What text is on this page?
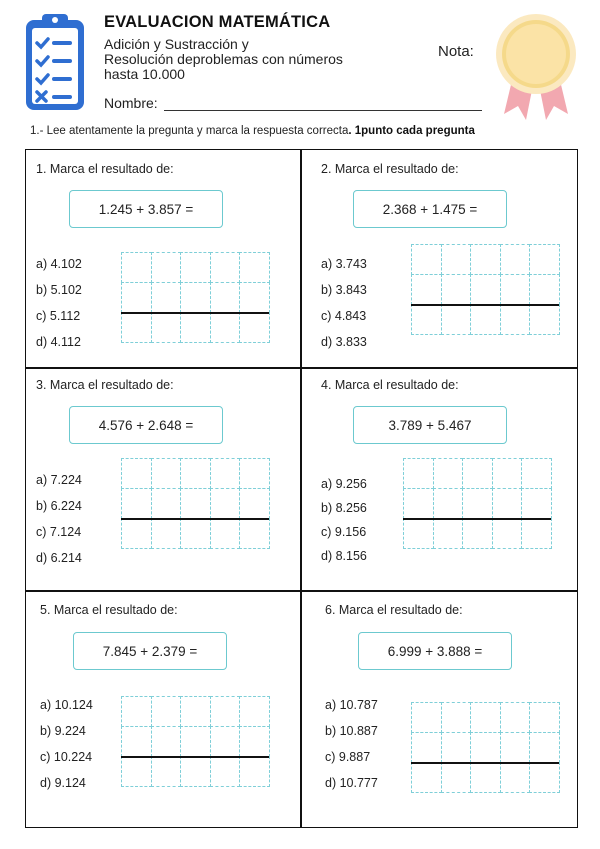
EVALUACION MATEMÁTICA
Adición y Sustracción y
Resolución deproblemas con números
hasta 10.000
Nota:
Nombre:
1.- Lee atentamente la pregunta y marca la respuesta correcta. 1punto cada pregunta
1. Marca el resultado de:
1.245 + 3.857 =
a) 4.102
b) 5.102
c) 5.112
d) 4.112
2. Marca el resultado de:
2.368 + 1.475 =
a) 3.743
b) 3.843
c) 4.843
d) 3.833
3. Marca el resultado de:
4.576 + 2.648 =
a) 7.224
b) 6.224
c) 7.124
d) 6.214
4. Marca el resultado de:
3.789 + 5.467
a) 9.256
b) 8.256
c) 9.156
d) 8.156
5. Marca el resultado de:
7.845 + 2.379 =
a) 10.124
b) 9.224
c) 10.224
d) 9.124
6. Marca el resultado de:
6.999 + 3.888 =
a) 10.787
b) 10.887
c) 9.887
d) 10.777
